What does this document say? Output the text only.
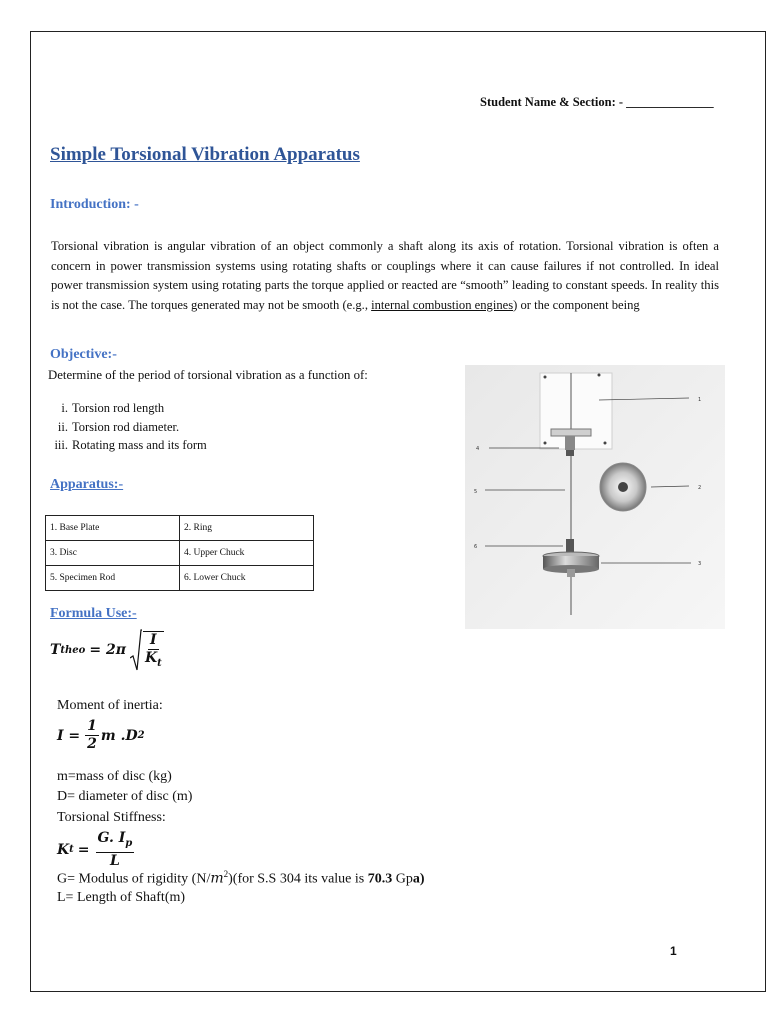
Student Name & Section: - ______________
Simple Torsional Vibration Apparatus
Introduction: -
Torsional vibration is angular vibration of an object commonly a shaft along its axis of rotation. Torsional vibration is often a concern in power transmission systems using rotating shafts or couplings where it can cause failures if not controlled. In ideal power transmission system using rotating parts the torque applied or reacted are “smooth” leading to constant speeds. In reality this is not the case. The torques generated may not be smooth (e.g., internal combustion engines) or the component being
Objective:-
Determine of the period of torsional vibration as a function of:
i. Torsion rod length
ii. Torsion rod diameter.
iii. Rotating mass and its form
Apparatus:-
1. Base Plate	2. Ring
3. Disc	4. Upper Chuck
5. Specimen Rod	6. Lower Chuck
1
4
5
2
6
3
Formula Use:-
T theo = $2\pi \frac{I}{K_t}$
Moment of inertia:
$I = \frac{1}{2}$ m .D 2
m=mass of disc (kg)
D= diameter of disc (m)
Torsional Stiffness:
K $t = \frac{G. I_p}{L}$
G= Modulus of rigidity $(N/m^2)(for$ S.S 304 its value is 70.3 Gpa)
L= Length of Shaft(m)
1
